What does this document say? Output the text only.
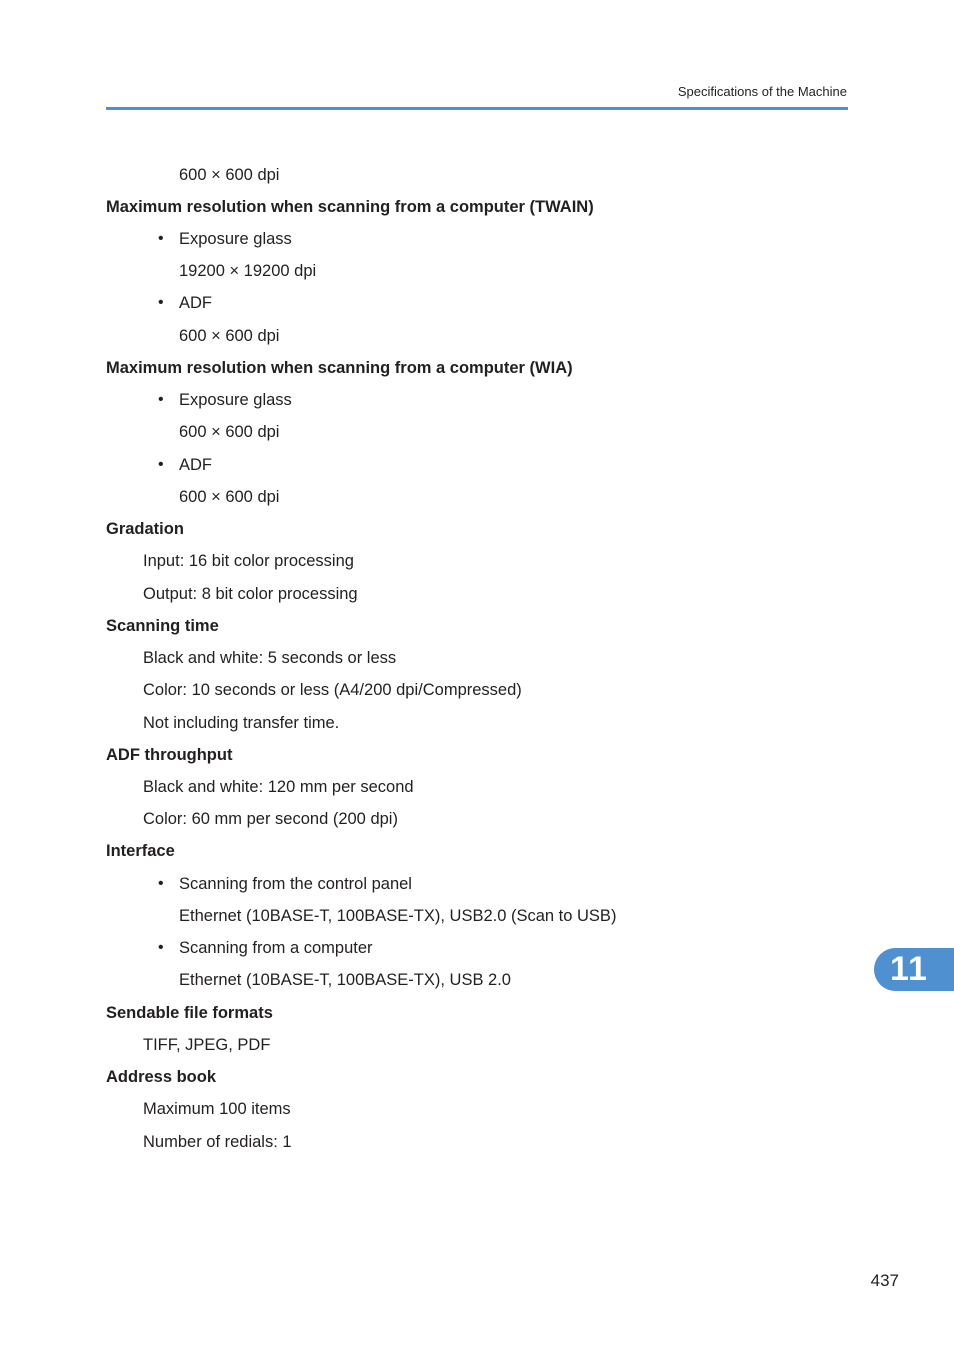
Specifications of the Machine
600 × 600 dpi
Maximum resolution when scanning from a computer (TWAIN)
• Exposure glass
19200 × 19200 dpi
• ADF
600 × 600 dpi
Maximum resolution when scanning from a computer (WIA)
• Exposure glass
600 × 600 dpi
• ADF
600 × 600 dpi
Gradation
Input: 16 bit color processing
Output: 8 bit color processing
Scanning time
Black and white: 5 seconds or less
Color: 10 seconds or less (A4/200 dpi/Compressed)
Not including transfer time.
ADF throughput
Black and white: 120 mm per second
Color: 60 mm per second (200 dpi)
Interface
• Scanning from the control panel
Ethernet (10BASE-T, 100BASE-TX), USB2.0 (Scan to USB)
• Scanning from a computer
Ethernet (10BASE-T, 100BASE-TX), USB 2.0
Sendable file formats
TIFF, JPEG, PDF
Address book
Maximum 100 items
Number of redials: 1
11
437
